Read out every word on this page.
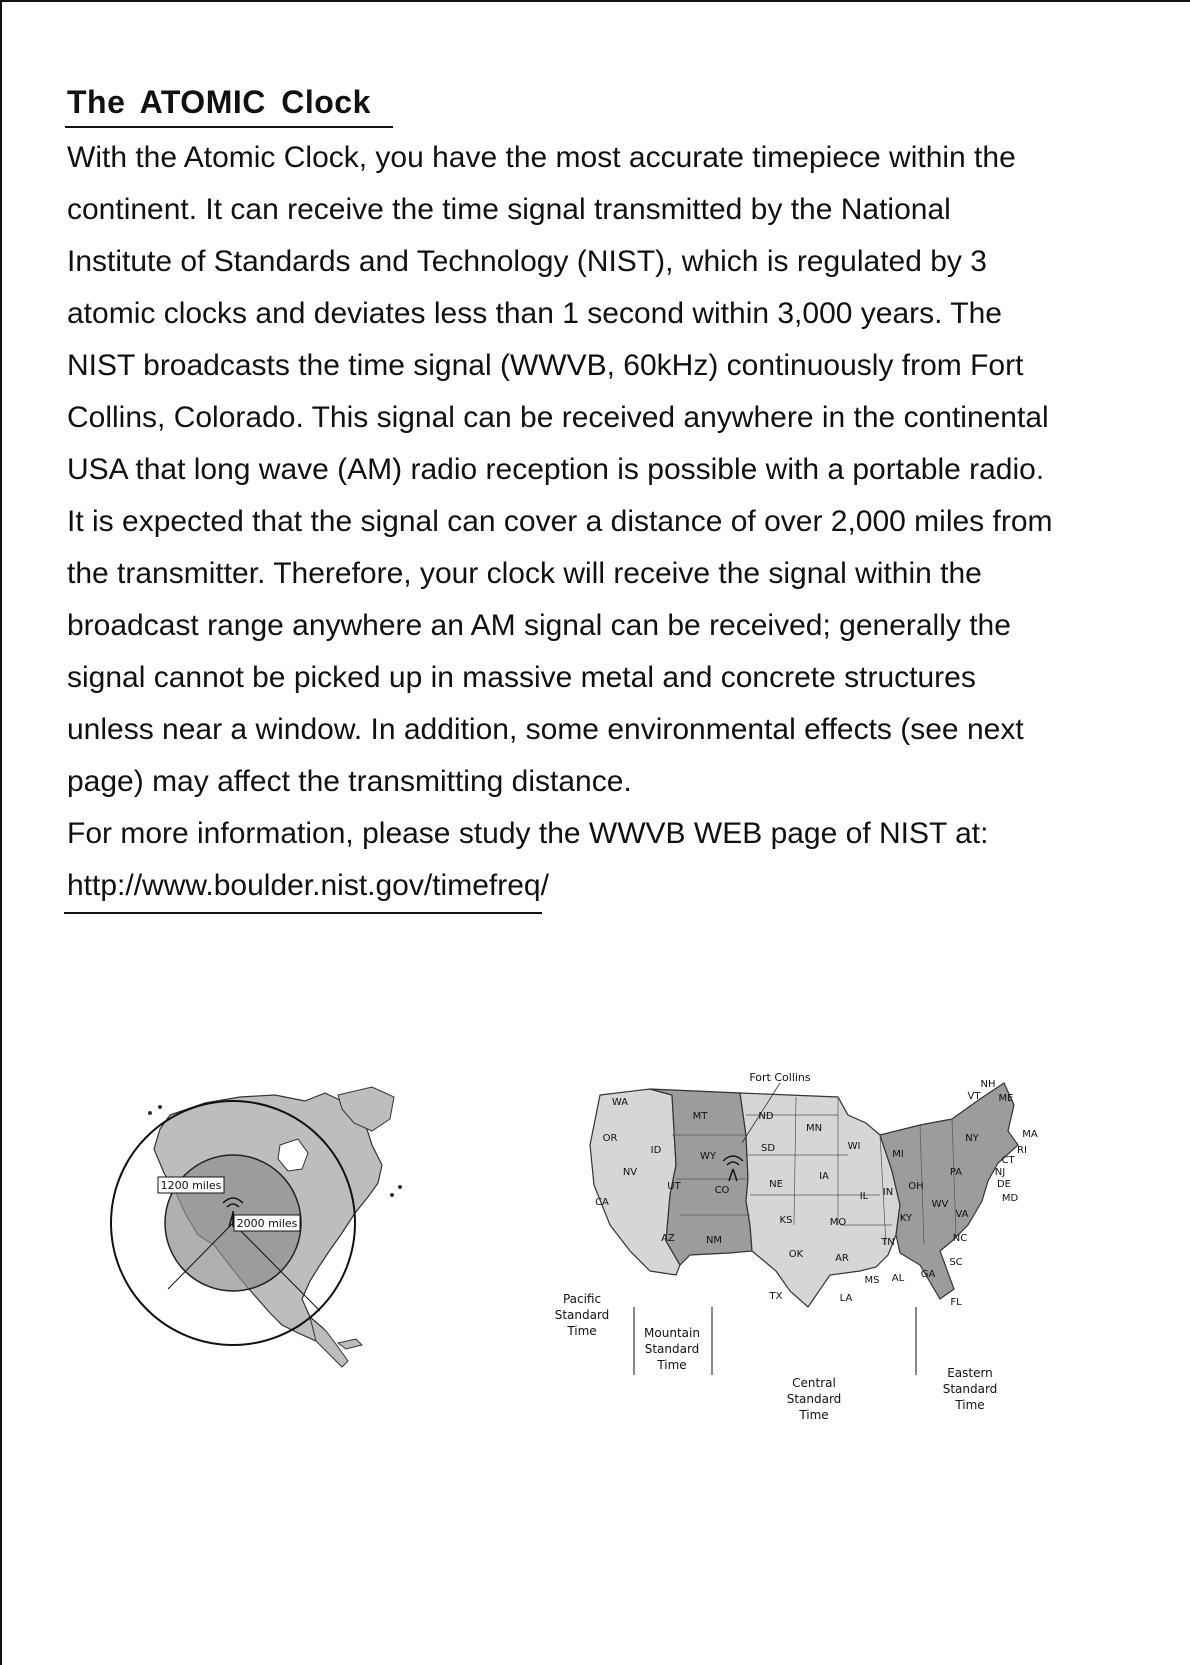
The ATOMIC Clock
With the Atomic Clock, you have the most accurate timepiece within the
continent. It can receive the time signal transmitted by the National
Institute of Standards and Technology (NIST), which is regulated by 3
atomic clocks and deviates less than 1 second within 3,000 years. The
NIST broadcasts the time signal (WWVB, 60kHz) continuously from Fort
Collins, Colorado. This signal can be received anywhere in the continental
USA that long wave (AM) radio reception is possible with a portable radio.
It is expected that the signal can cover a distance of over 2,000 miles from
the transmitter. Therefore, your clock will receive the signal within the
broadcast range anywhere an AM signal can be received; generally the
signal cannot be picked up in massive metal and concrete structures
unless near a window. In addition, some environmental effects (see next
page) may affect the transmitting distance.
For more information, please study the WWVB WEB page of NIST at:
http://www.boulder.nist.gov/timefreq/
1200 miles
2000 miles
Fort Collins
WA
OR
CA
NV
ID
MT
WY
UT
AZ	NM
CO
ND
SD
NE
KS
OK
TX
MN
IA
MO
AR
LA
WI
IL
MI
IN
OH
KY
TN
MS AL GA
FL
SC
NC
VA
WV
PA
NY
VT
NH
ME
MA
RI
CT
NJ
DE
MD
Pacific
Standard
Time	Mountain
Standard
Time
Central
Standard
Time
Eastern
Standard
Time
